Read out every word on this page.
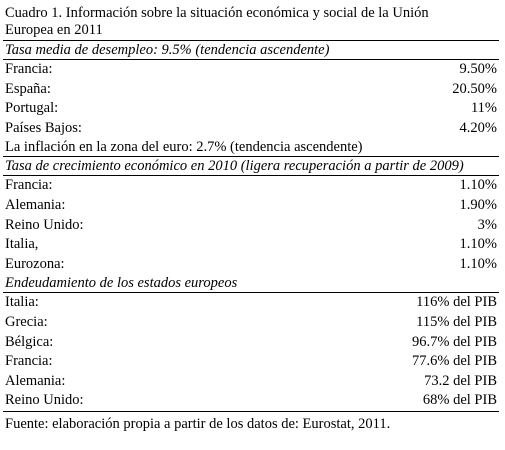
Cuadro 1. Información sobre la situación económica y social de la Unión
Europea en 2011
Tasa media de desempleo: 9.5% (tendencia ascendente)
Francia:	9.50%
España:	20.50%
Portugal:	11%
Países Bajos:	4.20%
La inflación en la zona del euro: 2.7% (tendencia ascendente)
Tasa de crecimiento económico en 2010 (ligera recuperación a partir de 2009)
Francia:	1.10%
Alemania:	1.90%
Reino Unido:	3%
Italia,	1.10%
Eurozona:	1.10%
Endeudamiento de los estados europeos
Italia:	116% del PIB
Grecia:	115% del PIB
Bélgica:	96.7% del PIB
Francia:	77.6% del PIB
Alemania:	73.2 del PIB
Reino Unido:	68% del PIB
Fuente: elaboración propia a partir de los datos de: Eurostat, 2011.
